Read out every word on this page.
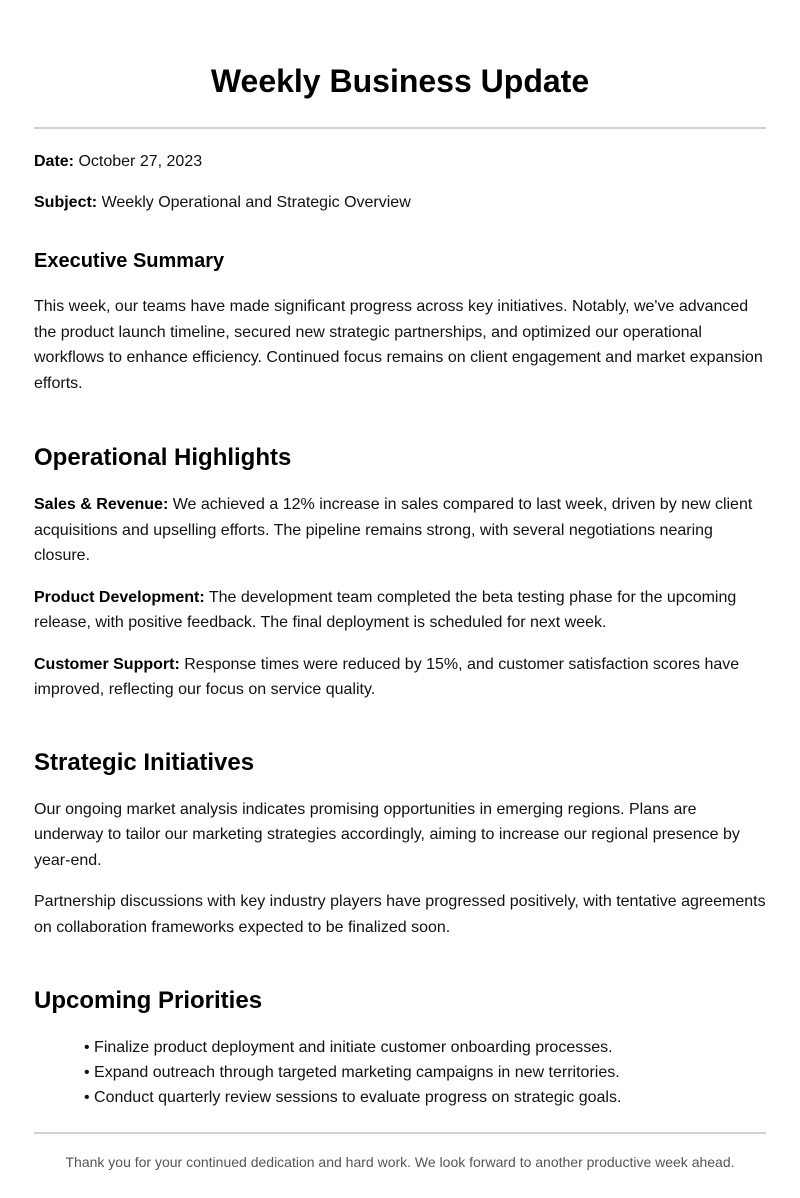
Weekly Business Update

Date: October 27, 2023

Subject: Weekly Operational and Strategic Overview

Executive Summary

This week, our teams have made significant progress across key initiatives. Notably, we've advanced the product launch timeline, secured new strategic partnerships, and optimized our operational workflows to enhance efficiency. Continued focus remains on client engagement and market expansion efforts.

Operational Highlights

Sales & Revenue: We achieved a 12% increase in sales compared to last week, driven by new client acquisitions and upselling efforts. The pipeline remains strong, with several negotiations nearing closure.

Product Development: The development team completed the beta testing phase for the upcoming release, with positive feedback. The final deployment is scheduled for next week.

Customer Support: Response times were reduced by 15%, and customer satisfaction scores have improved, reflecting our focus on service quality.

Strategic Initiatives

Our ongoing market analysis indicates promising opportunities in emerging regions. Plans are underway to tailor our marketing strategies accordingly, aiming to increase our regional presence by year-end.

Partnership discussions with key industry players have progressed positively, with tentative agreements on collaboration frameworks expected to be finalized soon.

Upcoming Priorities
• Finalize product deployment and initiate customer onboarding processes.
• Expand outreach through targeted marketing campaigns in new territories.
• Conduct quarterly review sessions to evaluate progress on strategic goals.

Thank you for your continued dedication and hard work. We look forward to another productive week ahead.
